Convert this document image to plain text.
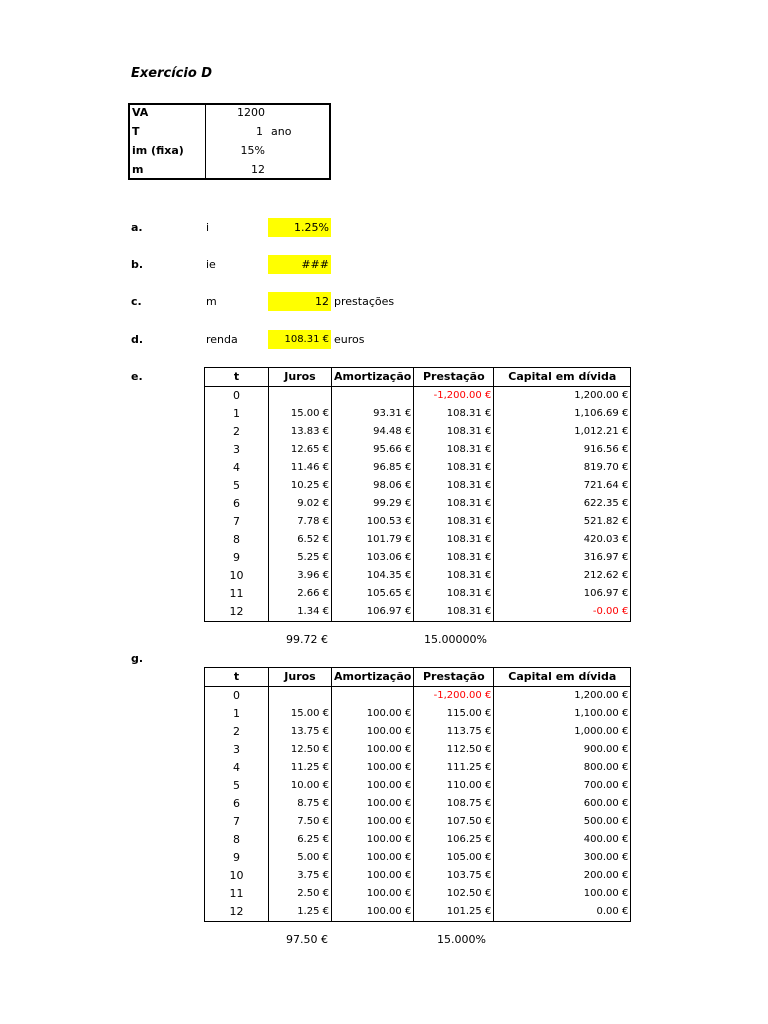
Exercício D
VA	1200
T	1 ano
im (fixa)	15%
m	12
a.	i	1.25%
b.	ie	###
c.	m	12 prestações
d.	renda	108.31 € euros
e.
g.
t	Juros	Amortização	Prestação	Capital em dívida
0			-1,200.00 €	1,200.00 €
1	15.00 €	93.31 €	108.31 €	1,106.69 €
2	13.83 €	94.48 €	108.31 €	1,012.21 €
3	12.65 €	95.66 €	108.31 €	916.56 €
4	11.46 €	96.85 €	108.31 €	819.70 €
5	10.25 €	98.06 €	108.31 €	721.64 €
6	9.02 €	99.29 €	108.31 €	622.35 €
7	7.78 €	100.53 €	108.31 €	521.82 €
8	6.52 €	101.79 €	108.31 €	420.03 €
9	5.25 €	103.06 €	108.31 €	316.97 €
10	3.96 €	104.35 €	108.31 €	212.62 €
11	2.66 €	105.65 €	108.31 €	106.97 €
12	1.34 €	106.97 €	108.31 €	-0.00 €
99.72 €	15.00000%
t	Juros	Amortização	Prestação	Capital em dívida
0			-1,200.00 €	1,200.00 €
1	15.00 €	100.00 €	115.00 €	1,100.00 €
2	13.75 €	100.00 €	113.75 €	1,000.00 €
3	12.50 €	100.00 €	112.50 €	900.00 €
4	11.25 €	100.00 €	111.25 €	800.00 €
5	10.00 €	100.00 €	110.00 €	700.00 €
6	8.75 €	100.00 €	108.75 €	600.00 €
7	7.50 €	100.00 €	107.50 €	500.00 €
8	6.25 €	100.00 €	106.25 €	400.00 €
9	5.00 €	100.00 €	105.00 €	300.00 €
10	3.75 €	100.00 €	103.75 €	200.00 €
11	2.50 €	100.00 €	102.50 €	100.00 €
12	1.25 €	100.00 €	101.25 €	0.00 €
97.50 €	15.000%
